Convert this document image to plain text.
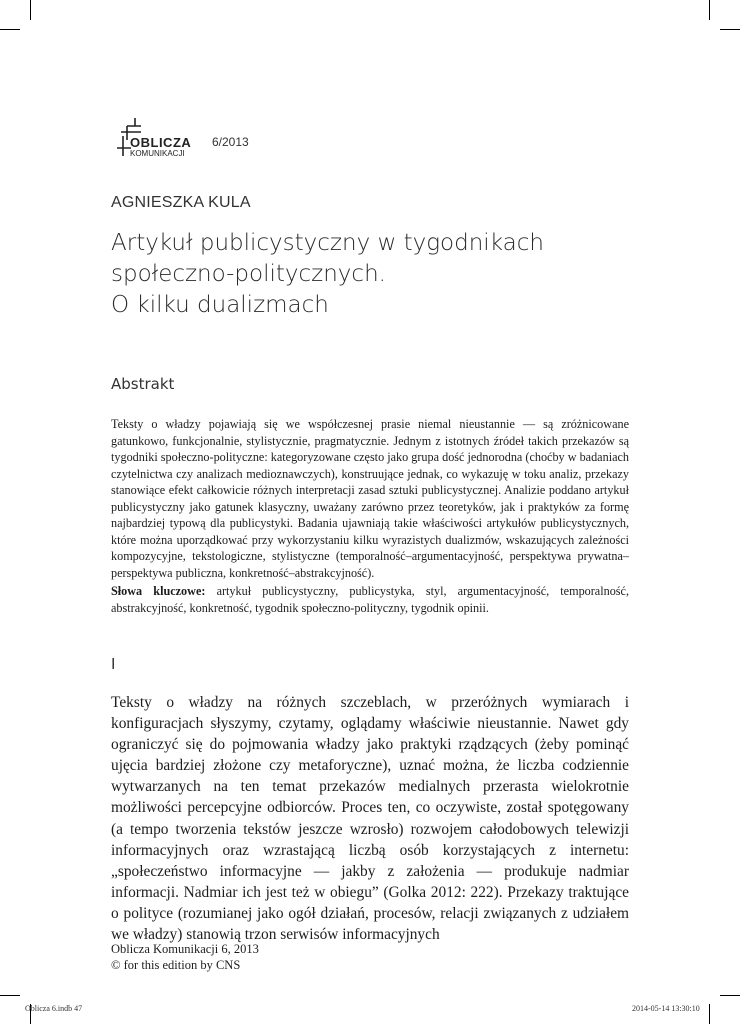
OBLICZA
KOMUNIKACJI
6/2013
AGNIESZKA KULA
Artykuł publicystyczny w tygodnikach
społeczno-politycznych.
O kilku dualizmach
Abstrakt
Teksty o władzy pojawiają się we współczesnej prasie niemal nieustannie — są zróżnicowane gatunkowo, funkcjonalnie, stylistycznie, pragmatycznie. Jednym z istotnych źródeł takich przekazów są tygodniki społeczno-polityczne: kategoryzowane często jako grupa dość jednorodna (choćby w badaniach czytelnictwa czy analizach medioznawczych), konstruujące jednak, co wykazuję w toku analiz, przekazy stanowiące efekt całkowicie różnych interpretacji zasad sztuki publicystycznej. Analizie poddano artykuł publicystyczny jako gatunek klasyczny, uważany zarówno przez teoretyków, jak i praktyków za formę najbardziej typową dla publicystyki. Badania ujawniają takie właściwości artykułów publicystycznych, które można uporządkować przy wykorzystaniu kilku wyrazistych dualizmów, wskazujących zależności kompozycyjne, tekstologiczne, stylistyczne (temporalność–argumentacyjność, perspektywa prywatna–perspektywa publiczna, konkretność–abstrakcyjność).
Słowa kluczowe: artykuł publicystyczny, publicystyka, styl, argumentacyjność, temporalność, abstrakcyjność, konkretność, tygodnik społeczno-polityczny, tygodnik opinii.
I
Teksty o władzy na różnych szczeblach, w przeróżnych wymiarach i konfiguracjach słyszymy, czytamy, oglądamy właściwie nieustannie. Nawet gdy ograniczyć się do pojmowania władzy jako praktyki rządzących (żeby pominąć ujęcia bardziej złożone czy metaforyczne), uznać można, że liczba codziennie wytwarzanych na ten temat przekazów medialnych przerasta wielokrotnie możliwości percepcyjne odbiorców. Proces ten, co oczywiste, został spotęgowany (a tempo tworzenia tekstów jeszcze wzrosło) rozwojem całodobowych telewizji informacyjnych oraz wzrastającą liczbą osób korzystających z internetu: „społeczeństwo informacyjne — jakby z założenia — produkuje nadmiar informacji. Nadmiar ich jest też w obiegu” (Golka 2012: 222). Przekazy traktujące o polityce (rozumianej jako ogół działań, procesów, relacji związanych z udziałem we władzy) stanowią trzon serwisów informacyjnych
Oblicza Komunikacji 6, 2013
© for this edition by CNS
Oblicza 6.indb 47	2014-05-14 13:30:10
